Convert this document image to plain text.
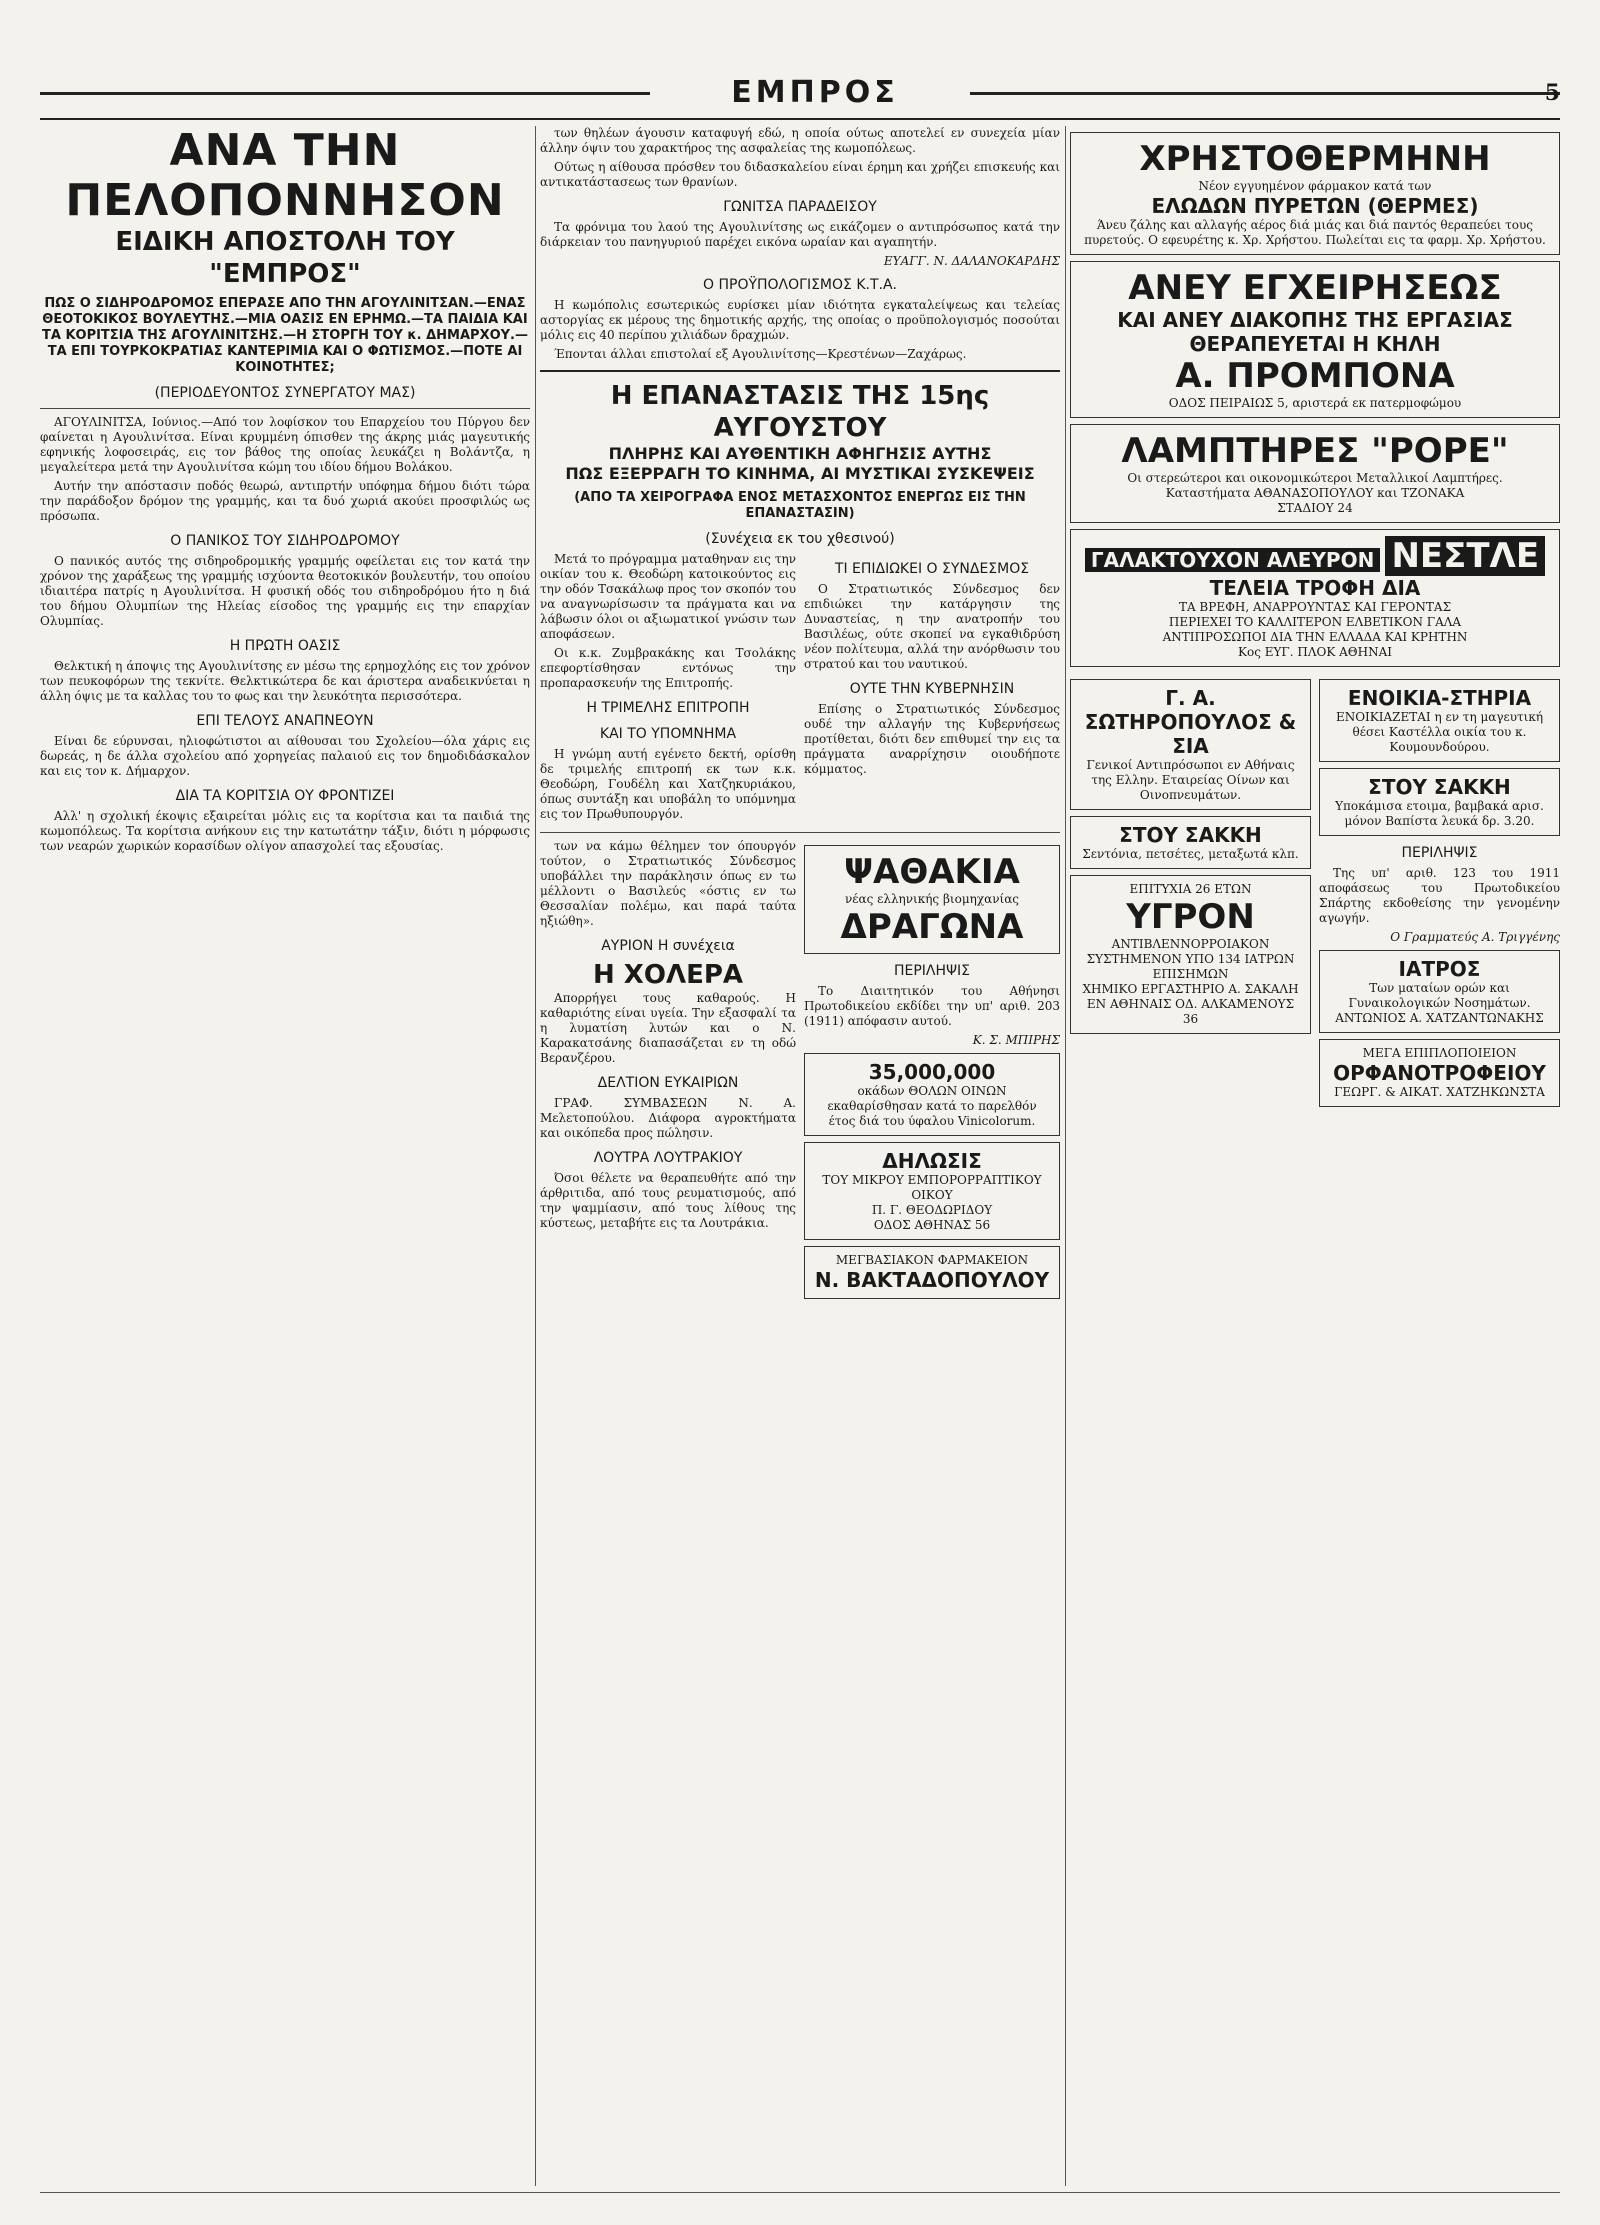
ΕΜΠΡΟΣ	5
ΑΝΑ ΤΗΝ ΠΕΛΟΠΟΝΝΗΣΟΝ
ΕΙΔΙΚΗ ΑΠΟΣΤΟΛΗ ΤΟΥ "ΕΜΠΡΟΣ"
ΠΩΣ Ο ΣΙΔΗΡΟΔΡΟΜΟΣ ΕΠΕΡΑΣΕ ΑΠΟ ΤΗΝ ΑΓΟΥΛΙΝΙΤΣΑΝ.—ΕΝΑΣ ΘΕΟΤΟΚΙΚΟΣ ΒΟΥΛΕΥΤΗΣ.—ΜΙΑ ΟΑΣΙΣ ΕΝ ΕΡΗΜΩ.—ΤΑ ΠΑΙΔΙΑ ΚΑΙ ΤΑ ΚΟΡΙΤΣΙΑ ΤΗΣ ΑΓΟΥΛΙΝΙΤΣΗΣ.—Η ΣΤΟΡΓΗ ΤΟΥ κ. ΔΗΜΑΡΧΟΥ.—ΤΑ ΕΠΙ ΤΟΥΡΚΟΚΡΑΤΙΑΣ ΚΑΝΤΕΡΙΜΙΑ ΚΑΙ Ο ΦΩΤΙΣΜΟΣ.—ΠΟΤΕ ΑΙ ΚΟΙΝΟΤΗΤΕΣ;
(ΠΕΡΙΟΔΕΥΟΝΤΟΣ ΣΥΝΕΡΓΑΤΟΥ ΜΑΣ)

ΑΓΟΥΛΙΝΙΤΣΑ, Ιούνιος.—Από τον λοφίσκον του Επαρχείου του Πύργου δεν φαίνεται η Αγουλινίτσα. Είναι κρυμμένη όπισθεν της άκρης μιάς μαγευτικής εφηνικής λοφοσειράς, εις τον βάθος της οποίας λευκάζει η Βολάντζα, η μεγαλείτερα μετά την Αγουλινίτσα κώμη του ιδίου δήμου Βολάκου.

Αυτήν την απόστασιν ποδός θεωρώ, αντιπρτήν υπόφημα δήμου διότι τώρα την παράδοξον δρόμον της γραμμής, και τα δυό χωριά ακούει προσφιλώς ως πρόσωπα.

Ο ΠΑΝΙΚΟΣ ΤΟΥ ΣΙΔΗΡΟΔΡΟΜΟΥ

Ο πανικός αυτός της σιδηροδρομικής γραμμής οφείλεται εις τον κατά την χρόνον της χαράξεως της γραμμής ισχύοντα θεοτοκικόν βουλευτήν, του οποίου ιδιαιτέρα πατρίς η Αγουλινίτσα. Η φυσική οδός του σιδηροδρόμου ήτο η διά του δήμου Ολυμπίων της Ηλείας είσοδος της γραμμής εις την επαρχίαν Ολυμπίας.

Η ΠΡΩΤΗ ΟΑΣΙΣ

Θελκτική η άποψις της Αγουλινίτσης εν μέσω της ερημοχλόης εις τον χρόνον των πευκοφόρων της τεκνίτε. Θελκτικώτερα δε και άριστερα αναδεικνύεται η άλλη όψις με τα καλλας του το φως και την λευκότητα περισσότερα.

ΕΠΙ ΤΕΛΟΥΣ ΑΝΑΠΝΕΟΥΝ

Είναι δε εύρυνσαι, ηλιοφώτιστοι αι αίθουσαι του Σχολείου—όλα χάρις εις δωρεάς, η δε άλλα σχολείου από χορηγείας παλαιού εις τον δημοδιδάσκαλον και εις τον κ. Δήμαρχον.

ΔΙΑ ΤΑ ΚΟΡΙΤΣΙΑ ΟΥ ΦΡΟΝΤΙΖΕΙ

Αλλ' η σχολική έκοψις εξαιρείται μόλις εις τα κορίτσια και τα παιδιά της κωμοπόλεως. Τα κορίτσια ανήκουν εις την κατωτάτην τάξιν, διότι η μόρφωσις των νεαρών χωρικών κορασίδων ολίγον απασχολεί τας εξουσίας.

των θηλέων άγουσιν καταφυγή εδώ, η οποία ούτως αποτελεί εν συνεχεία μίαν άλλην όψιν του χαρακτήρος της ασφαλείας της κωμοπόλεως.

Ούτως η αίθουσα πρόσθεν του διδασκαλείου είναι έρημη και χρήζει επισκευής και αντικατάστασεως των θρανίων.

ΓΩΝΙΤΣΑ ΠΑΡΑΔΕΙΣΟΥ

Τα φρόνιμα του λαού της Αγουλινίτσης ως εικάζομεν ο αντιπρόσωπος κατά την διάρκειαν του πανηγυριού παρέχει εικόνα ωραίαν και αγαπητήν.

ΕΥΑΓΓ. Ν. ΔΑΛΑΝΟΚΑΡΔΗΣ
Ο ΠΡΟΫΠΟΛΟΓΙΣΜΟΣ Κ.Τ.Α.

Η κωμόπολις εσωτερικώς ευρίσκει μίαν ιδιότητα εγκαταλείψεως και τελείας αστοργίας εκ μέρους της δημοτικής αρχής, της οποίας ο προϋπολογισμός ποσούται μόλις εις 40 περίπου χιλιάδων δραχμών.

Έπονται άλλαι επιστολαί εξ Αγουλινίτσης—Κρεστένων—Ζαχάρως.

Η ΕΠΑΝΑΣΤΑΣΙΣ ΤΗΣ 15ης ΑΥΓΟΥΣΤΟΥ
ΠΛΗΡΗΣ ΚΑΙ ΑΥΘΕΝΤΙΚΗ ΑΦΗΓΗΣΙΣ ΑΥΤΗΣ
ΠΩΣ ΕΞΕΡΡΑΓΗ ΤΟ ΚΙΝΗΜΑ, ΑΙ ΜΥΣΤΙΚΑΙ ΣΥΣΚΕΨΕΙΣ
(ΑΠΟ ΤΑ ΧΕΙΡΟΓΡΑΦΑ ΕΝΟΣ ΜΕΤΑΣΧΟΝΤΟΣ ΕΝΕΡΓΩΣ ΕΙΣ ΤΗΝ ΕΠΑΝΑΣΤΑΣΙΝ)
(Συνέχεια εκ του χθεσινού)

Μετά το πρόγραμμα ματαθηναν εις την οικίαν του κ. Θεοδώρη κατοικούντος εις την οδόν Τσακάλωφ προς τον σκοπόν του να αναγνωρίσωσιν τα πράγματα και να λάβωσιν όλοι οι αξιωματικοί γνώσιν των αποφάσεων.

Οι κ.κ. Ζυμβρακάκης και Τσολάκης επεφορτίσθησαν εντόνως την προπαρασκευήν της Επιτροπής.

Η ΤΡΙΜΕΛΗΣ ΕΠΙΤΡΟΠΗ
ΚΑΙ ΤΟ ΥΠΟΜΝΗΜΑ

Η γνώμη αυτή εγένετο δεκτή, ορίσθη δε τριμελής επιτροπή εκ των κ.κ. Θεοδώρη, Γουδέλη και Χατζηκυριάκου, όπως συντάξη και υποβάλη το υπόμνημα εις τον Πρωθυπουργόν.

ΤΙ ΕΠΙΔΙΩΚΕΙ Ο ΣΥΝΔΕΣΜΟΣ

Ο Στρατιωτικός Σύνδεσμος δεν επιδιώκει την κατάργησιν της Δυναστείας, η την ανατροπήν του Βασιλέως, ούτε σκοπεί να εγκαθιδρύση νέον πολίτευμα, αλλά την ανόρθωσιν του στρατού και του ναυτικού.

ΟΥΤΕ ΤΗΝ ΚΥΒΕΡΝΗΣΙΝ

Επίσης ο Στρατιωτικός Σύνδεσμος ουδέ την αλλαγήν της Κυβερνήσεως προτίθεται, διότι δεν επιθυμεί την εις τα πράγματα αναρρίχησιν οιουδήποτε κόμματος.

των να κάμω θέλημεν τον όπουργόν τούτον, ο Στρατιωτικός Σύνδεσμος υποβάλλει την παράκλησιν όπως εν τω μέλλοντι ο Βασιλεύς «όστις εν τω Θεσσαλίαν πολέμω, και παρά ταύτα ηξιώθη».

ΑΥΡΙΟΝ Η συνέχεια
Η ΧΟΛΕΡΑ

Απορρήγει τους καθαρούς. Η καθαριότης είναι υγεία. Την εξασφαλί τα η λυματίση λυτών και ο Ν. Καρακατσάνης διαπασάζεται εν τη οδώ Βερανζέρου.

ΔΕΛΤΙΟΝ ΕΥΚΑΙΡΙΩΝ

ΓΡΑΦ. ΣΥΜΒΑΣΕΩΝ Ν. Α. Μελετοπούλου. Διάφορα αγροκτήματα και οικόπεδα προς πώλησιν.

ΛΟΥΤΡΑ ΛΟΥΤΡΑΚΙΟΥ

Όσοι θέλετε να θεραπευθήτε από την άρθριτιδα, από τους ρευματισμούς, από την ψαμμίασιν, από τους λίθους της κύστεως, μεταβήτε εις τα Λουτράκια.

ΨΑΘΑΚΙΑ
νέας ελληνικής βιομηχανίας
ΔΡΑΓΩΝΑ
ΠΕΡΙΛΗΨΙΣ

Το Διαιτητικόν του Αθήνησι Πρωτοδικείου εκδίδει την υπ' αριθ. 203 (1911) απόφασιν αυτού.

Κ. Σ. ΜΠΙΡΗΣ
35,000,000
οκάδων ΘΟΛΩΝ ΟΙΝΩΝ εκαθαρίσθησαν κατά το παρελθόν έτος διά του ύφαλου Vinicolorum.
ΔΗΛΩΣΙΣ
ΤΟΥ ΜΙΚΡΟΥ ΕΜΠΟΡΟΡΡΑΠΤΙΚΟΥ ΟΙΚΟΥ
Π. Γ. ΘΕΟΔΩΡΙΔΟΥ
ΟΔΟΣ ΑΘΗΝΑΣ 56
ΜΕΓΒΑΣΙΑΚΟΝ ΦΑΡΜΑΚΕΙΟΝ
Ν. ΒΑΚΤΑΔΟΠΟΥΛΟΥ
ΧΡΗΣΤΟΘΕΡΜΗΝΗ
Νέον εγγυημένον φάρμακον κατά των
ΕΛΩΔΩΝ ΠΥΡΕΤΩΝ (ΘΕΡΜΕΣ)
Άνευ ζάλης και αλλαγής αέρος διά μιάς και διά παντός θεραπεύει τους πυρετούς. Ο εφευρέτης κ. Χρ. Χρήστου. Πωλείται εις τα φαρμ. Χρ. Χρήστου.
ΑΝΕΥ ΕΓΧΕΙΡΗΣΕΩΣ
ΚΑΙ ΑΝΕΥ ΔΙΑΚΟΠΗΣ ΤΗΣ ΕΡΓΑΣΙΑΣ
ΘΕΡΑΠΕΥΕΤΑΙ Η ΚΗΛΗ
Α. ΠΡΟΜΠΟΝΑ
ΟΔΟΣ ΠΕΙΡΑΙΩΣ 5, αριστερά εκ πατερμοφώμου
ΛΑΜΠΤΗΡΕΣ "ΡΟΡΕ"
Οι στερεώτεροι και οικονομικώτεροι Μεταλλικοί Λαμπτήρες.
Καταστήματα ΑΘΑΝΑΣΟΠΟΥΛΟΥ και ΤΖΟΝΑΚΑ
ΣΤΑΔΙΟΥ 24
ΓΑΛΑΚΤΟΥΧΟΝ ΑΛΕΥΡΟΝ ΝΕΣΤΛΕ
ΤΕΛΕΙΑ ΤΡΟΦΗ ΔΙΑ
ΤΑ ΒΡΕΦΗ, ΑΝΑΡΡΟΥΝΤΑΣ ΚΑΙ ΓΕΡΟΝΤΑΣ
ΠΕΡΙΕΧΕΙ ΤΟ ΚΑΛΛΙΤΕΡΟΝ ΕΛΒΕΤΙΚΟΝ ΓΑΛΑ
ΑΝΤΙΠΡΟΣΩΠΟΙ ΔΙΑ ΤΗΝ ΕΛΛΑΔΑ ΚΑΙ ΚΡΗΤΗΝ
Κος ΕΥΓ. ΠΛΟΚ ΑΘΗΝΑΙ
Γ. Α. ΣΩΤΗΡΟΠΟΥΛΟΣ & ΣΙΑ
Γενικοί Αντιπρόσωποι εν Αθήναις της Ελλην. Εταιρείας Οίνων και Οινοπνευμάτων.
ΣΤΟΥ ΣΑΚΚΗ
Σεντόνια, πετσέτες, μεταξωτά κλπ.
ΕΠΙΤΥΧΙΑ 26 ΕΤΩΝ
ΥΓΡΟΝ
ΑΝΤΙΒΛΕΝΝΟΡΡΟΙΑΚΟΝ
ΣΥΣΤΗΜΕΝΟΝ ΥΠΟ 134 ΙΑΤΡΩΝ ΕΠΙΣΗΜΩΝ
ΧΗΜΙΚΟ ΕΡΓΑΣΤΗΡΙΟ Α. ΣΑΚΑΛΗ ΕΝ ΑΘΗΝΑΙΣ ΟΔ. ΑΛΚΑΜΕΝΟΥΣ 36
ΕΝΟΙΚΙΑ-ΣΤΗΡΙΑ
ΕΝΟΙΚΙΑΖΕΤΑΙ η εν τη μαγευτική θέσει Καστέλλα οικία του κ. Κουμουνδούρου.
ΣΤΟΥ ΣΑΚΚΗ
Υποκάμισα ετοιμα, βαμβακά αρισ. μόνον Βαπίστα λευκά δρ. 3.20.
ΠΕΡΙΛΗΨΙΣ

Της υπ' αριθ. 123 του 1911 αποφάσεως του Πρωτοδικείου Σπάρτης εκδοθείσης την γενομένην αγωγήν.

Ο Γραμματεύς Α. Τριγγένης
ΙΑΤΡΟΣ
Των ματαίων ορών και Γυναικολογικών Νοσημάτων.
ΑΝΤΩΝΙΟΣ Α. ΧΑΤΖΑΝΤΩΝΑΚΗΣ
ΜΕΓΑ ΕΠΙΠΛΟΠΟΙΕΙΟΝ
ΟΡΦΑΝΟΤΡΟΦΕΙΟΥ
ΓΕΩΡΓ. & ΑΙΚΑΤ. ΧΑΤΖΗΚΩΝΣΤΑ
